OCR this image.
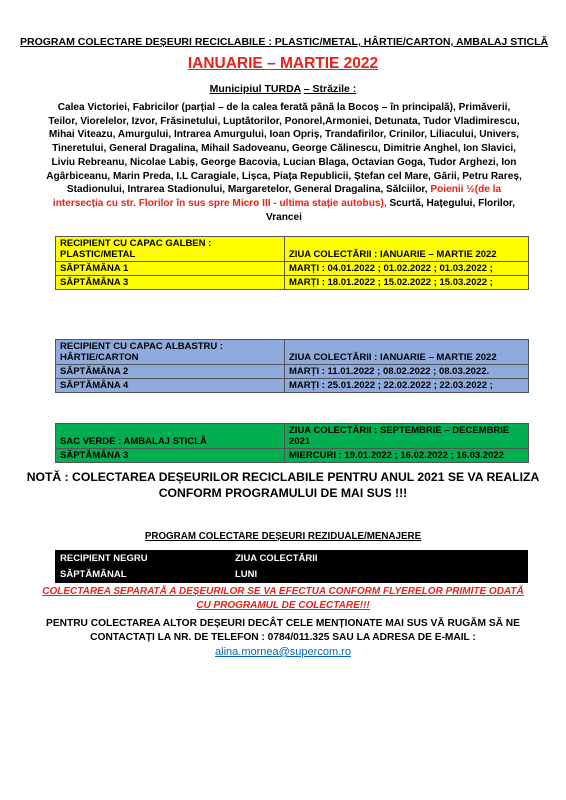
PROGRAM COLECTARE DEȘEURI RECICLABILE : PLASTIC/METAL, HÂRTIE/CARTON, AMBALAJ STICLĂ
IANUARIE – MARTIE 2022
Municipiul TURDA – Străzile :
Calea Victoriei, Fabricilor (parțial – de la calea ferată până la Bocoș – în principală), Primăverii, Teilor, Viorelelor, Izvor, Frăsinetului, Luptătorilor, Ponorel,Armoniei, Detunata, Tudor Vladimirescu, Mihai Viteazu, Amurgului, Intrarea Amurgului, Ioan Opriș, Trandafirilor, Crinilor, Liliacului, Univers, Tineretului, General Dragalina, Mihail Sadoveanu, George Călinescu, Dimitrie Anghel, Ion Slavici, Liviu Rebreanu, Nicolae Labiș, George Bacovia, Lucian Blaga, Octavian Goga, Tudor Arghezi, Ion Agârbiceanu, Marin Preda, I.L Caragiale, Lișca, Piața Republicii, Ștefan cel Mare, Gării, Petru Rareș, Stadionului, Intrarea Stadionului, Margaretelor, General Dragalina, Sălciilor, Poienii ½(de la intersecția cu str. Florilor în sus spre Micro III - ultima stație autobus), Scurtă, Hațegului, Florilor, Vrancei
RECIPIENT CU CAPAC GALBEN : PLASTIC/METAL	ZIUA COLECTĂRII : IANUARIE – MARTIE 2022
SĂPTĂMÂNA 1	MARȚI : 04.01.2022 ; 01.02.2022 ; 01.03.2022 ;
SĂPTĂMÂNA 3	MARȚI : 18.01.2022 ; 15.02.2022 ; 15.03.2022 ;
RECIPIENT CU CAPAC ALBASTRU : HÂRTIE/CARTON	ZIUA COLECTĂRII : IANUARIE – MARTIE 2022
SĂPTĂMÂNA 2	MARȚI : 11.01.2022 ; 08.02.2022 ; 08.03.2022.
SĂPTĂMÂNA 4	MARȚI : 25.01.2022 ; 22.02.2022 ; 22.03.2022 ;
SAC VERDE : AMBALAJ STICLĂ	ZIUA COLECTĂRII : SEPTEMBRIE – DECEMBRIE 2021
SĂPTĂMÂNA 3	MIERCURI : 19.01.2022 ; 16.02.2022 ; 16.03.2022
NOTĂ : COLECTAREA DEȘEURILOR RECICLABILE PENTRU ANUL 2021 SE VA REALIZA CONFORM PROGRAMULUI DE MAI SUS !!!
PROGRAM COLECTARE DEȘEURI REZIDUALE/MENAJERE
RECIPIENT NEGRU	ZIUA COLECTĂRII
SĂPTĂMÂNAL	LUNI
COLECTAREA SEPARATĂ A DEȘEURILOR SE VA EFECTUA CONFORM FLYERELOR PRIMITE ODATĂ CU PROGRAMUL DE COLECTARE!!!
PENTRU COLECTAREA ALTOR DEȘEURI DECÂT CELE MENȚIONATE MAI SUS VĂ RUGĂM SĂ NE CONTACTAȚI LA NR. DE TELEFON : 0784/011.325 SAU LA ADRESA DE E-MAIL :
alina.mornea@supercom.ro
